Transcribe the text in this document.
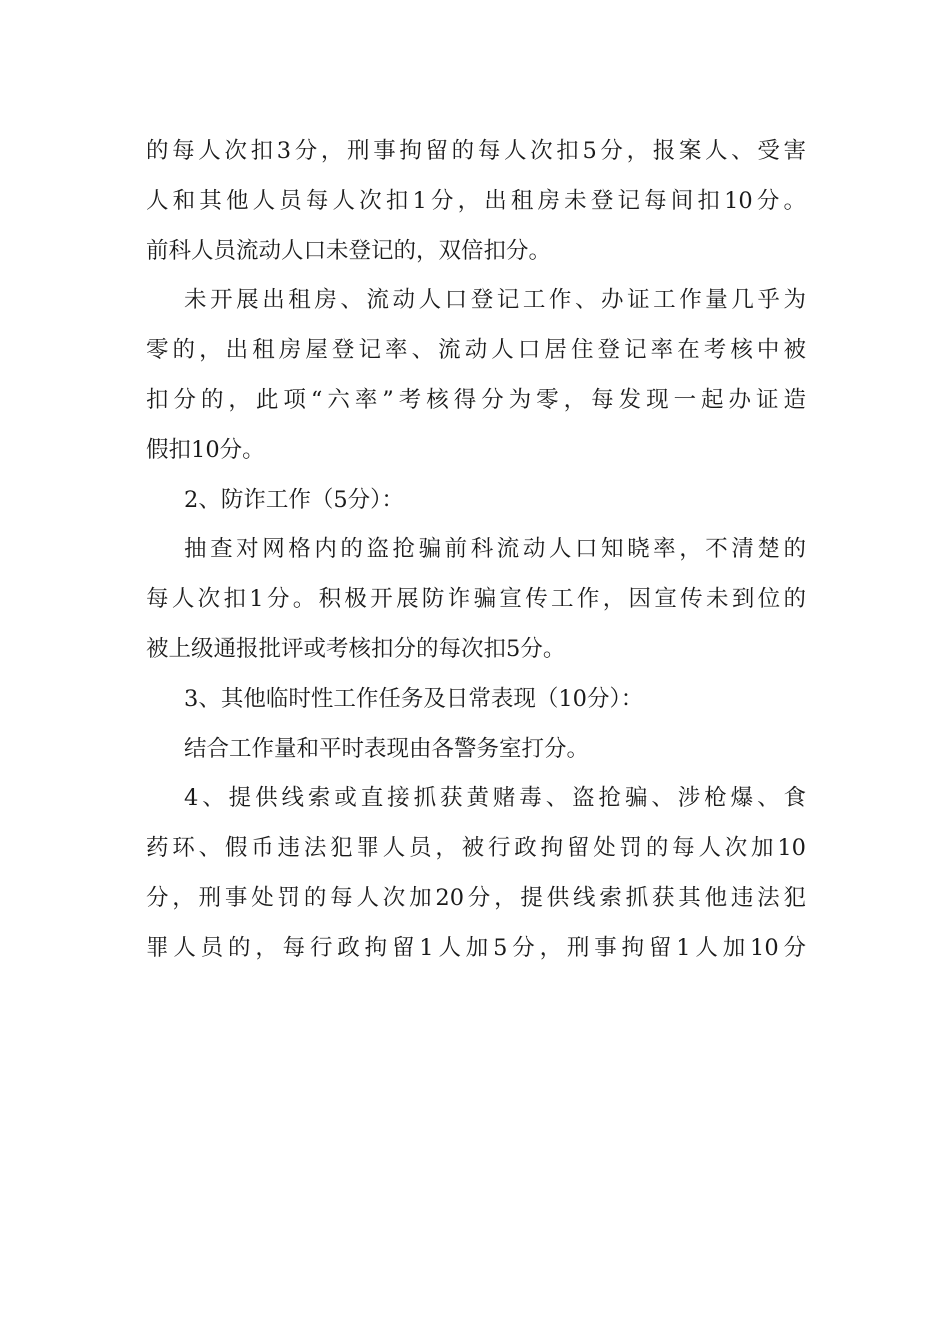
的每人次扣3分，刑事拘留的每人次扣5分，报案人、受害
人和其他人员每人次扣1分，出租房未登记每间扣10分。
前科人员流动人口未登记的，双倍扣分。
未开展出租房、流动人口登记工作、办证工作量几乎为
零的，出租房屋登记率、流动人口居住登记率在考核中被
扣分的，此项“六率”考核得分为零，每发现一起办证造
假扣10分。
2、防诈工作（5分）：
抽查对网格内的盗抢骗前科流动人口知晓率，不清楚的
每人次扣1分。积极开展防诈骗宣传工作，因宣传未到位的
被上级通报批评或考核扣分的每次扣5分。
3、其他临时性工作任务及日常表现（10分）：
结合工作量和平时表现由各警务室打分。
4、提供线索或直接抓获黄赌毒、盗抢骗、涉枪爆、食
药环、假币违法犯罪人员，被行政拘留处罚的每人次加10
分，刑事处罚的每人次加20分，提供线索抓获其他违法犯
罪人员的，每行政拘留1人加5分，刑事拘留1人加10分
